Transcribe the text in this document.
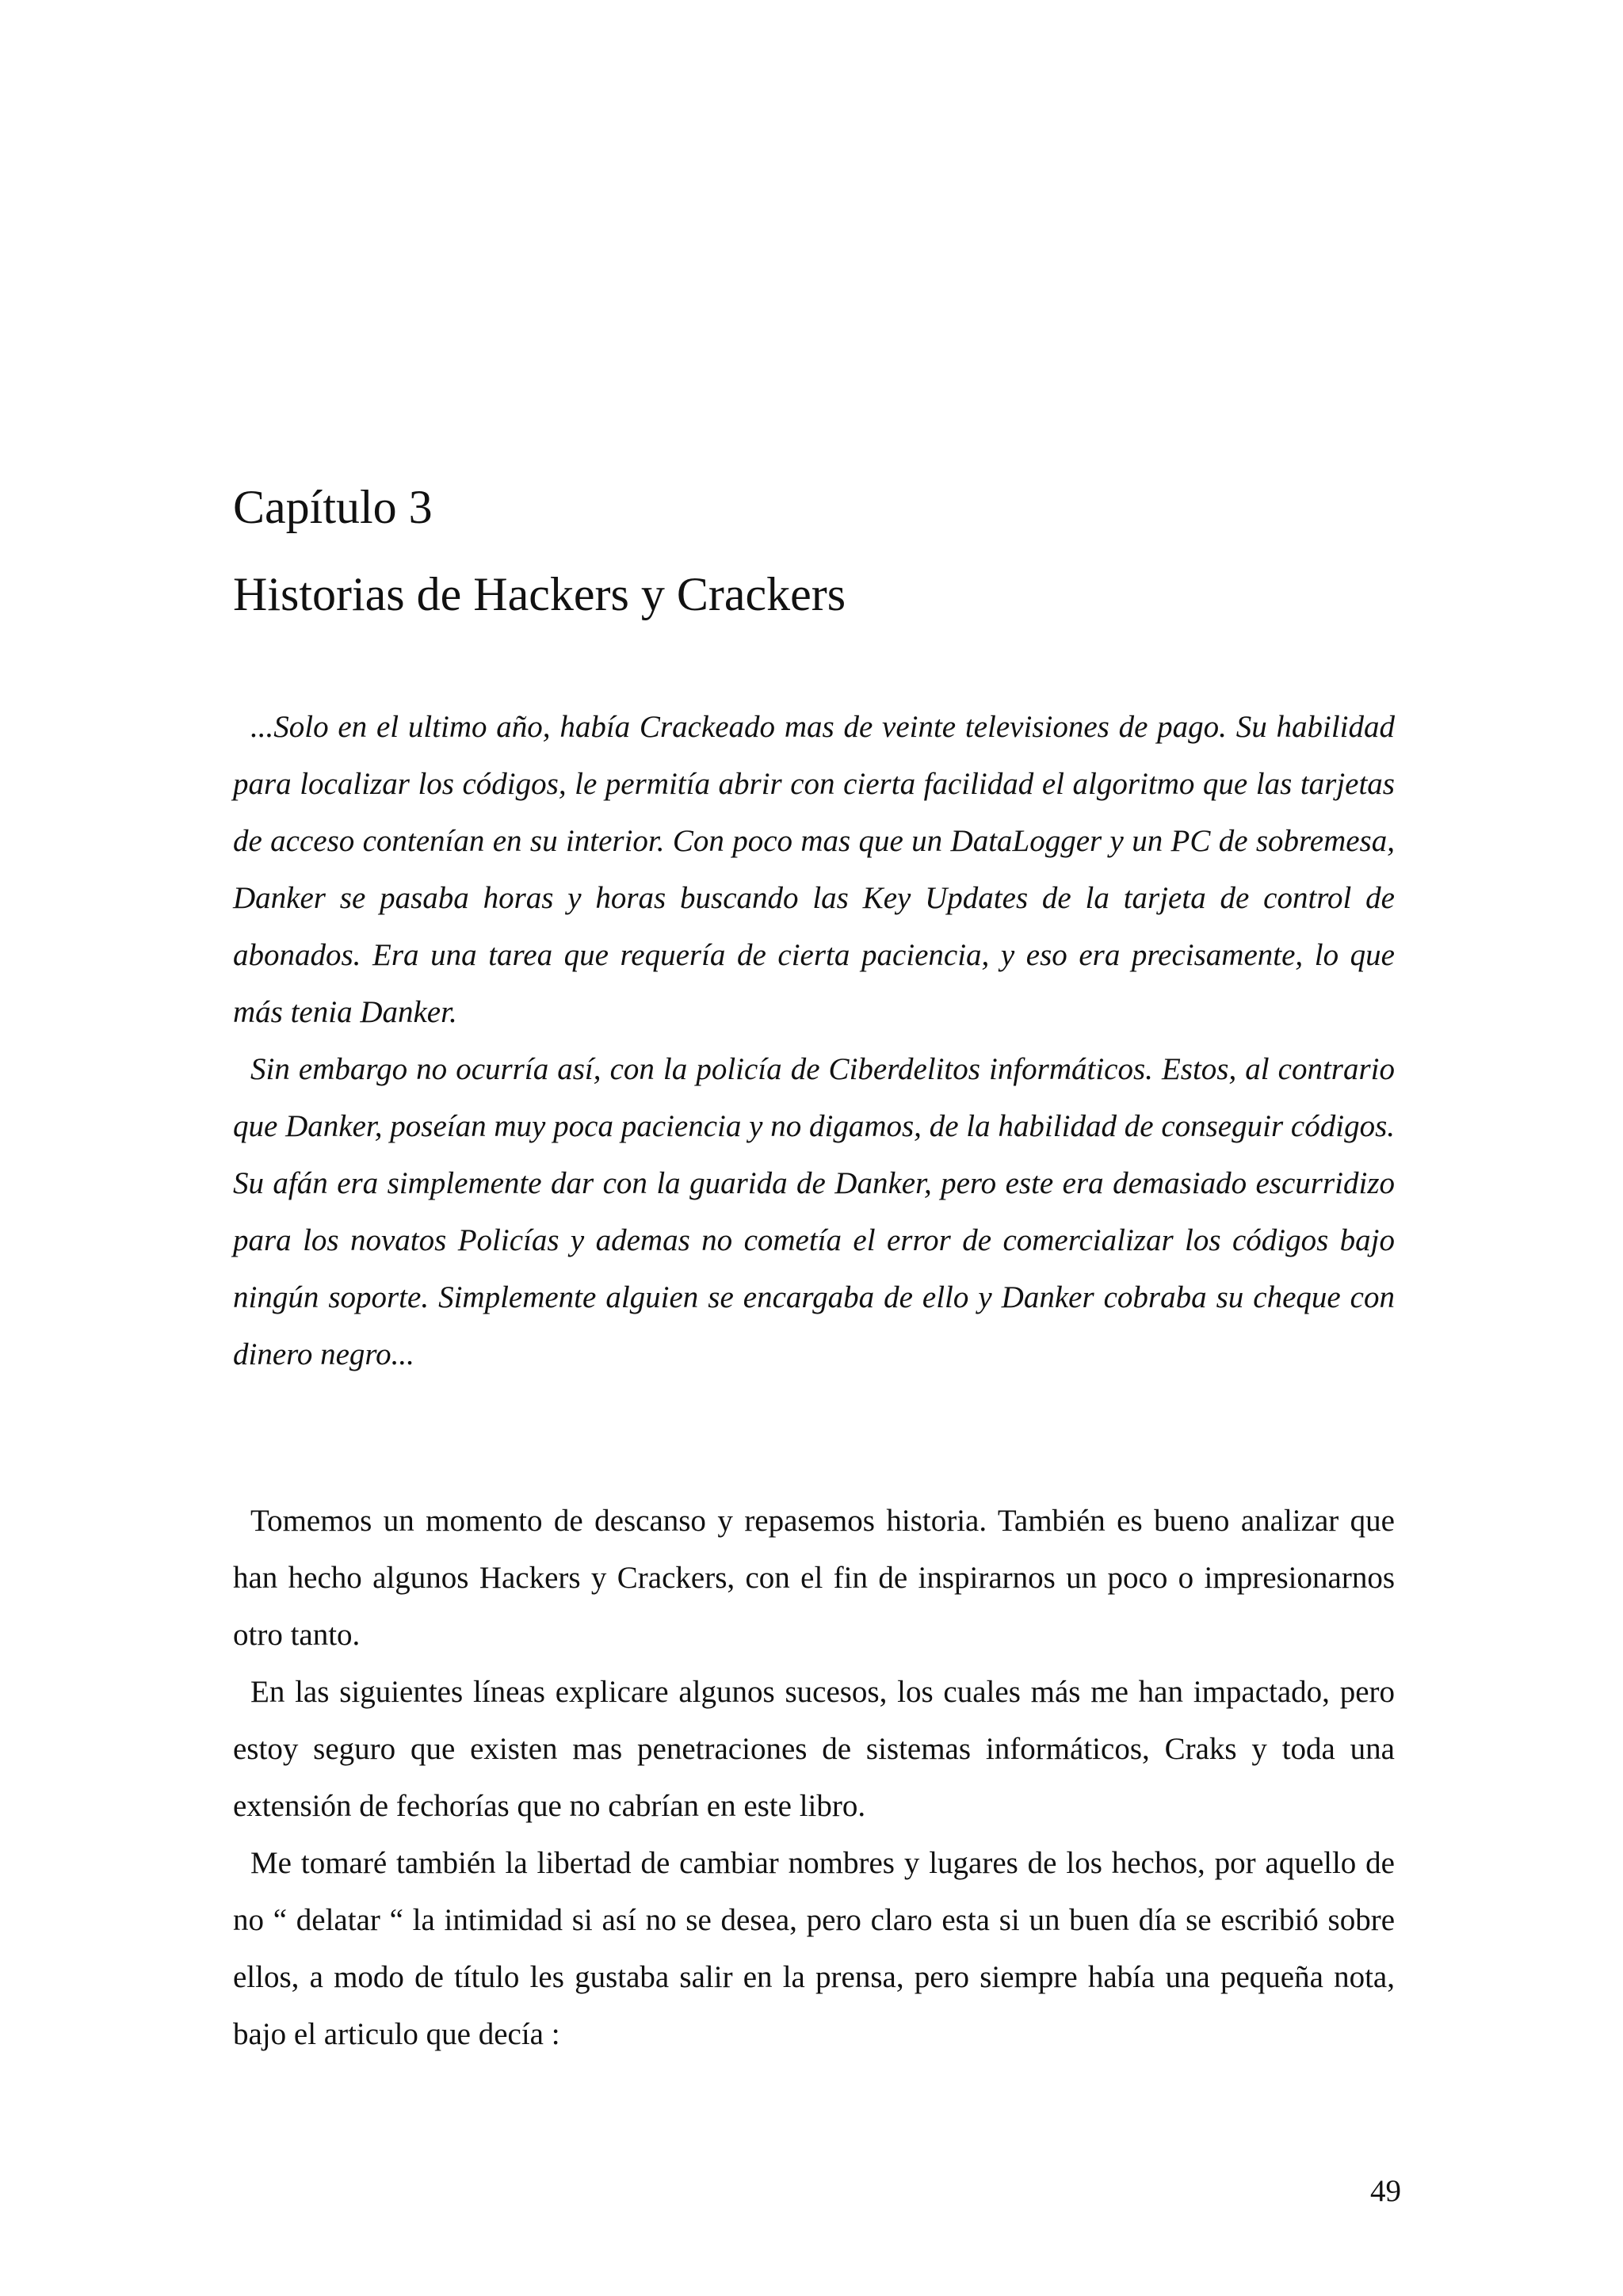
Capítulo 3
Historias de Hackers y Crackers

...Solo en el ultimo año, había Crackeado mas de veinte televisiones de pago. Su habilidad para localizar los códigos, le permitía abrir con cierta facilidad el algoritmo que las tarjetas de acceso contenían en su interior. Con poco mas que un DataLogger y un PC de sobremesa, Danker se pasaba horas y horas buscando las Key Updates de la tarjeta de control de abonados. Era una tarea que requería de cierta paciencia, y eso era precisamente, lo que más tenia Danker.

Sin embargo no ocurría así, con la policía de Ciberdelitos informáticos. Estos, al contrario que Danker, poseían muy poca paciencia y no digamos, de la habilidad de conseguir códigos. Su afán era simplemente dar con la guarida de Danker, pero este era demasiado escurridizo para los novatos Policías y ademas no cometía el error de comercializar los códigos bajo ningún soporte. Simplemente alguien se encargaba de ello y Danker cobraba su cheque con dinero negro...

Tomemos un momento de descanso y repasemos historia. También es bueno analizar que han hecho algunos Hackers y Crackers, con el fin de inspirarnos un poco o impresionarnos otro tanto.

En las siguientes líneas explicare algunos sucesos, los cuales más me han impactado, pero estoy seguro que existen mas penetraciones de sistemas informáticos, Craks y toda una extensión de fechorías que no cabrían en este libro.

Me tomaré también la libertad de cambiar nombres y lugares de los hechos, por aquello de no “ delatar “ la intimidad si así no se desea, pero claro esta si un buen día se escribió sobre ellos, a modo de título les gustaba salir en la prensa, pero siempre había una pequeña nota, bajo el articulo que decía :

49
